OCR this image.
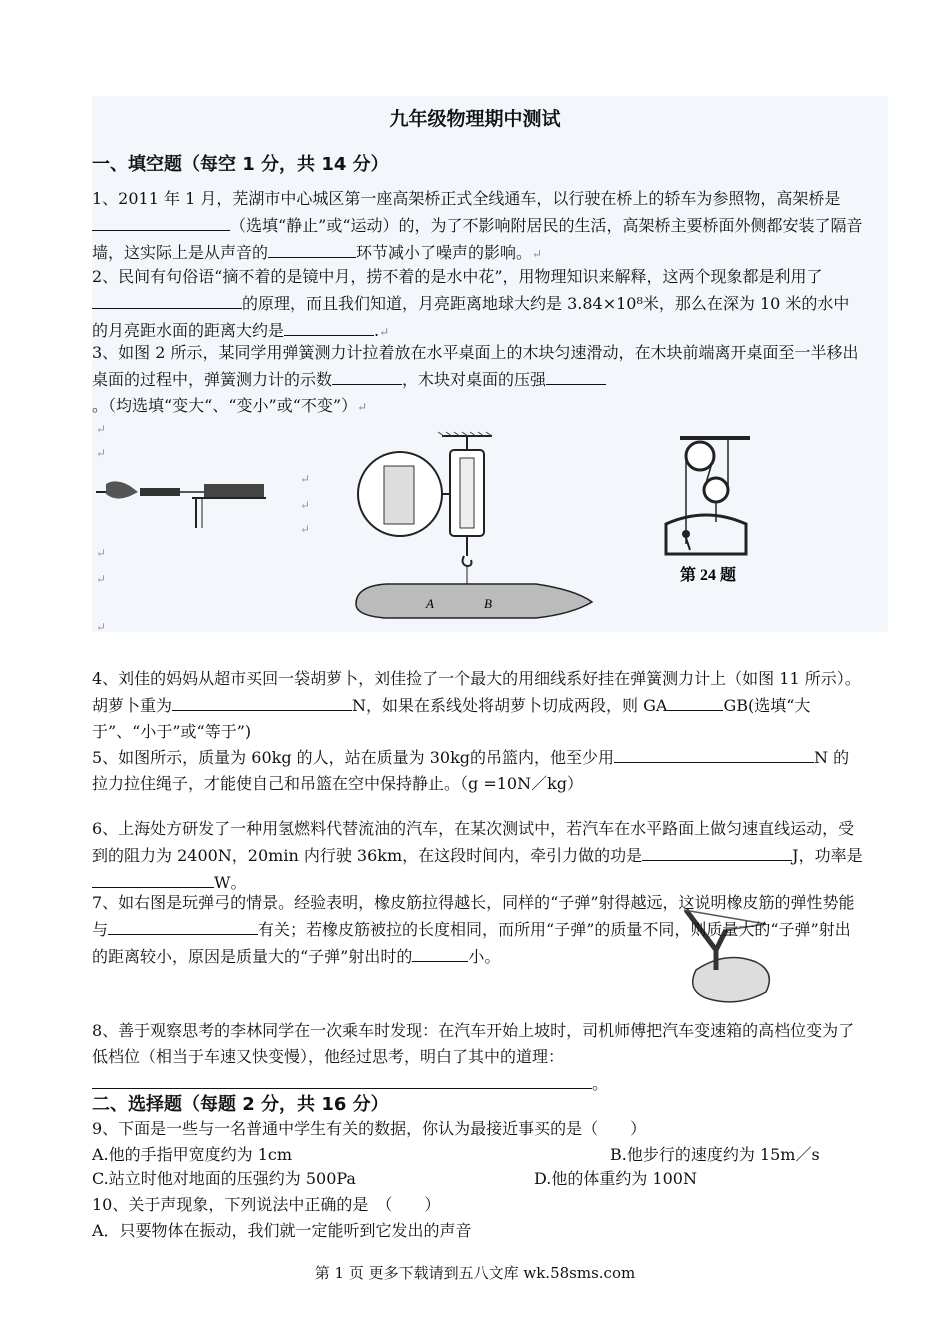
九年级物理期中测试
一、填空题（每空 1 分，共 14 分）
1、2011 年 1 月，芜湖市中心城区第一座高架桥正式全线通车，以行驶在桥上的轿车为参照物，高架桥是（选填“静止”或“运动）的，为了不影响附居民的生活，高架桥主要桥面外侧都安装了隔音墙，这实际上是从声音的	环节减小了噪声的影响。↵
2、民间有句俗语“摘不着的是镜中月，捞不着的是水中花”，用物理知识来解释，这两个现象都是利用了的原理，而且我们知道，月亮距离地球大约是 3.84×10⁸米，那么在深为 10 米的水中的月亮距水面的距离大约是	.↵
3、如图 2 所示，某同学用弹簧测力计拉着放在水平桌面上的木块匀速滑动，在木块前端离开桌面至一半移出桌面的过程中，弹簧测力计的示数	，木块对桌面的压强。（均选填“变大“、“变小”或“不变”）↵
↵
↵
↵
↵
↵
↵
↵
↵
A	B
第 24 题
4、刘佳的妈妈从超市买回一袋胡萝卜，刘佳捡了一个最大的用细线系好挂在弹簧测力计上（如图 11 所示）。胡萝卜重为	N，如果在系线处将胡萝卜切成两段，则 GA	GB(选填“大于”、“小于”或“等于”)
5、如图所示，质量为 60kg 的人，站在质量为 30kg的吊篮内，他至少用	N 的拉力拉住绳子，才能使自己和吊篮在空中保持静止。（g =10N／kg）
6、上海处方研发了一种用氢燃料代替流油的汽车，在某次测试中，若汽车在水平路面上做匀速直线运动，受到的阻力为 2400N，20min 内行驶 36km，在这段时间内，牵引力做的功是	J，功率是W。
7、如右图是玩弹弓的情景。经验表明，橡皮筋拉得越长，同样的“子弹”射得越远，这说明橡皮筋的弹性势能与	有关；若橡皮筋被拉的长度相同，而所用“子弹”的质量不同，则质量大的“子弹”射出的距离较小，原因是质量大的“子弹”射出时的	小。
8、善于观察思考的李林同学在一次乘车时发现：在汽车开始上坡时，司机师傅把汽车变速箱的高档位变为了低档位（相当于车速又快变慢），他经过思考，明白了其中的道理：。
二、选择题（每题 2 分，共 16 分）
9、下面是一些与一名普通中学生有关的数据，你认为最接近事买的是（　　）
A.他的手指甲宽度约为 1cm	B.他步行的速度约为 15m／s
C.站立时他对地面的压强约为 500Pa	D.他的体重约为 100N
10、关于声现象，下列说法中正确的是　（　　）
A．只要物体在振动，我们就一定能听到它发出的声音
第 1 页 更多下载请到五八文库 wk.58sms.com
